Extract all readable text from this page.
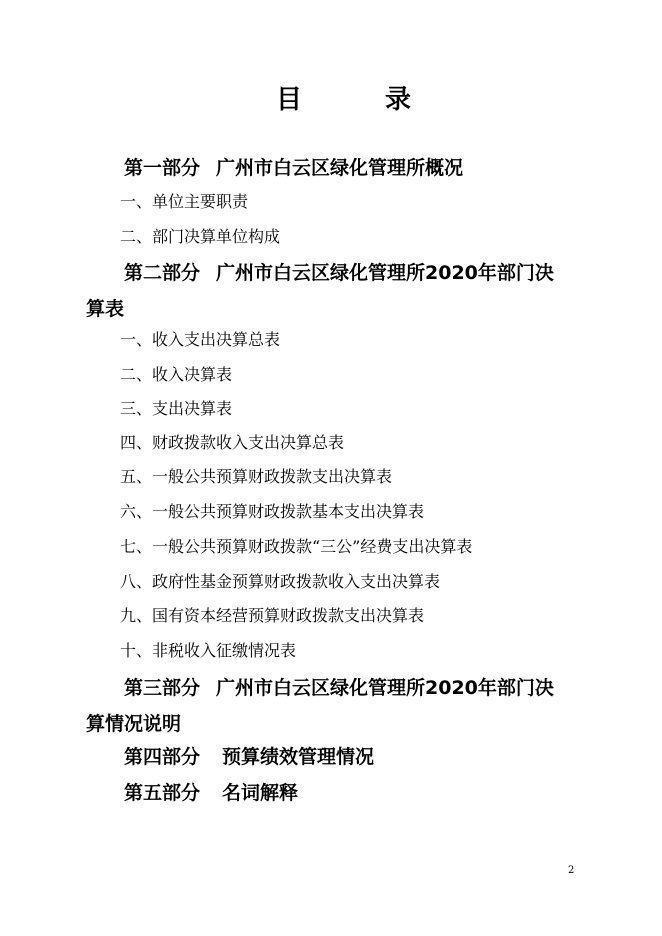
目	录
第一部分 广州市白云区绿化管理所概况
一、单位主要职责
二、部门决算单位构成
第二部分 广州市白云区绿化管理所2020年部门决
算表
一、收入支出决算总表
二、收入决算表
三、支出决算表
四、财政拨款收入支出决算总表
五、一般公共预算财政拨款支出决算表
六、一般公共预算财政拨款基本支出决算表
七、一般公共预算财政拨款“三公”经费支出决算表
八、政府性基金预算财政拨款收入支出决算表
九、国有资本经营预算财政拨款支出决算表
十、非税收入征缴情况表
第三部分 广州市白云区绿化管理所2020年部门决
算情况说明
第四部分 预算绩效管理情况
第五部分 名词解释
2
